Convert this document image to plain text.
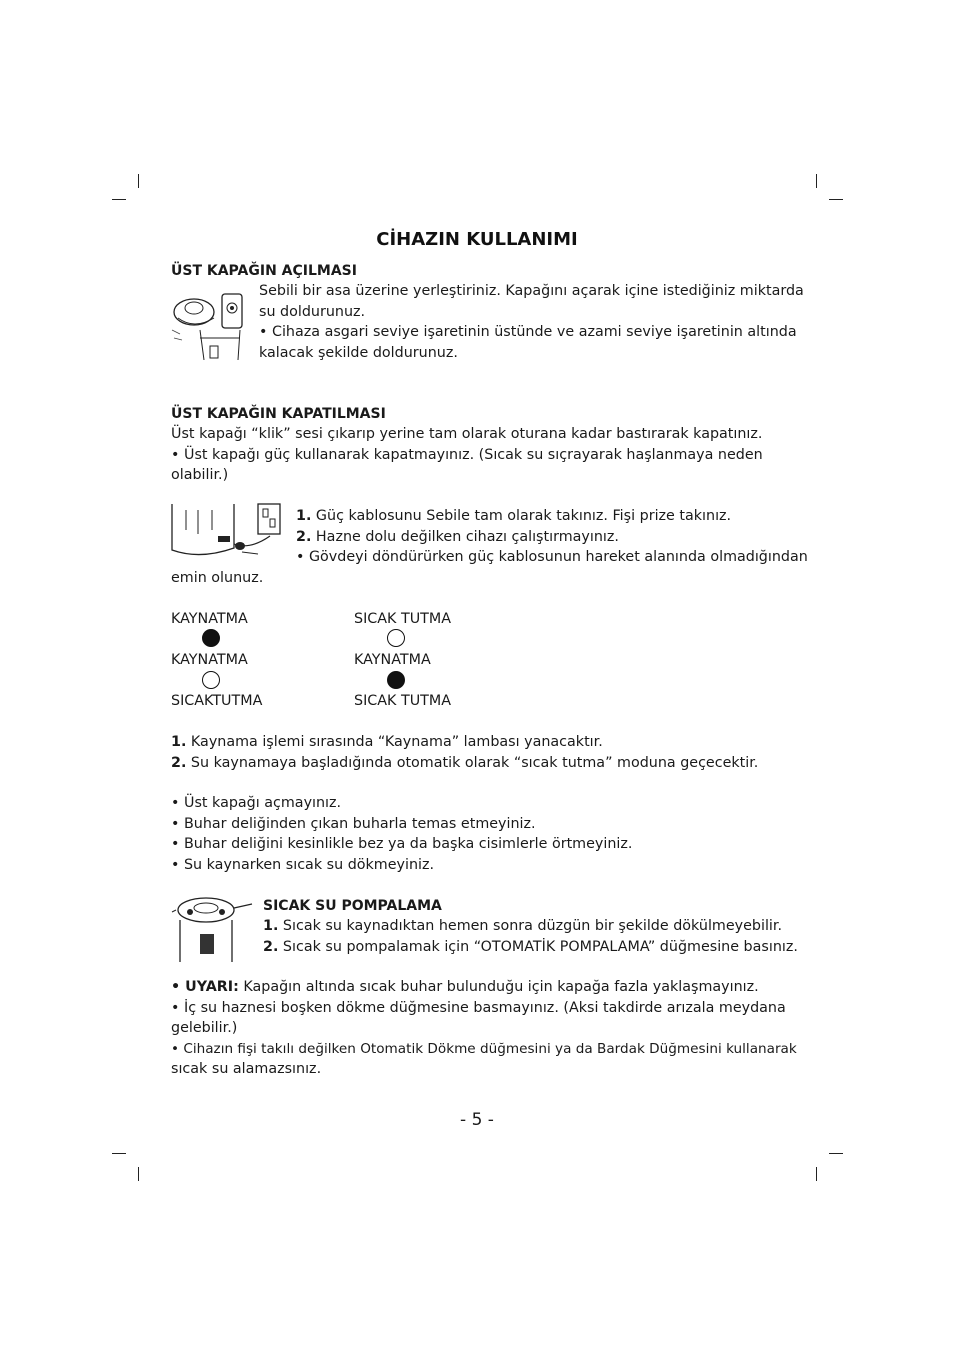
CİHAZIN KULLANIMI
ÜST KAPAĞIN AÇILMASI
Sebili bir asa üzerine yerleştiriniz. Kapağını açarak içine istediğiniz miktarda
su doldurunuz.
• Cihaza asgari seviye işaretinin üstünde ve azami seviye işaretinin altında
kalacak şekilde doldurunuz.
ÜST KAPAĞIN KAPATILMASI
Üst kapağı “klik” sesi çıkarıp yerine tam olarak oturana kadar bastırarak kapatınız.
• Üst kapağı güç kullanarak kapatmayınız. (Sıcak su sıçrayarak haşlanmaya neden
olabilir.)
1. Güç kablosunu Sebile tam olarak takınız. Fişi prize takınız.
2. Hazne dolu değilken cihazı çalıştırmayınız.
• Gövdeyi döndürürken güç kablosunun hareket alanında olmadığından
emin olunuz.
KAYNATMA	SICAK TUTMA
KAYNATMA	KAYNATMA
SICAKTUTMA	SICAK TUTMA
1. Kaynama işlemi sırasında “Kaynama” lambası yanacaktır.
2. Su kaynamaya başladığında otomatik olarak “sıcak tutma” moduna geçecektir.
• Üst kapağı açmayınız.
• Buhar deliğinden çıkan buharla temas etmeyiniz.
• Buhar deliğini kesinlikle bez ya da başka cisimlerle örtmeyiniz.
• Su kaynarken sıcak su dökmeyiniz.
SICAK SU POMPALAMA
1. Sıcak su kaynadıktan hemen sonra düzgün bir şekilde dökülmeyebilir.
2. Sıcak su pompalamak için “OTOMATİK POMPALAMA” düğmesine basınız.
• UYARI: Kapağın altında sıcak buhar bulunduğu için kapağa fazla yaklaşmayınız.
• İç su haznesi boşken dökme düğmesine basmayınız. (Aksi takdirde arızala meydana
gelebilir.)
• Cihazın fişi takılı değilken Otomatik Dökme düğmesini ya da Bardak Düğmesini kullanarak
sıcak su alamazsınız.
- 5 -
